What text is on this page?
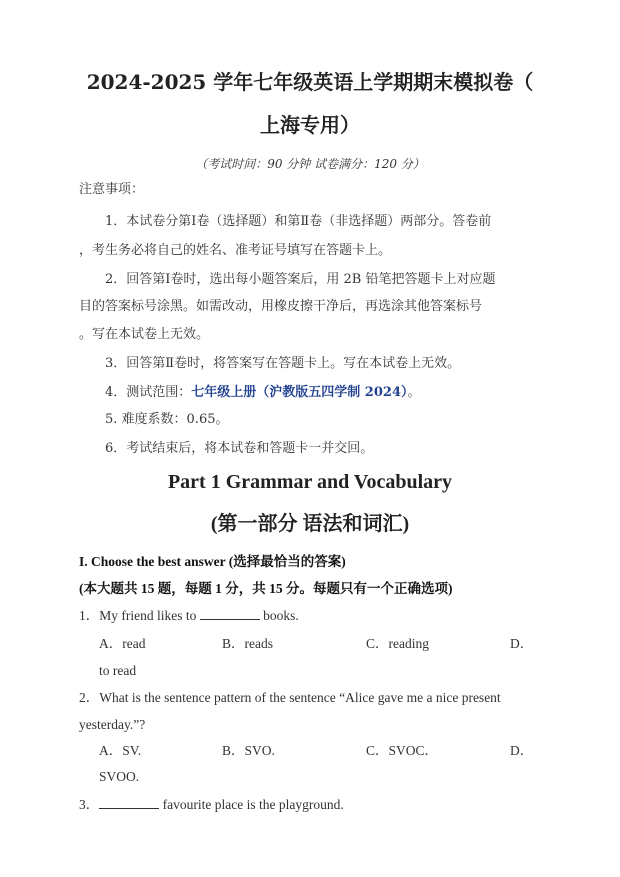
2024-2025 学年七年级英语上学期期末模拟卷（
上海专用）
（考试时间：90 分钟 试卷满分：120 分）
注意事项：
1．本试卷分第Ⅰ卷（选择题）和第Ⅱ卷（非选择题）两部分。答卷前
，考生务必将自己的姓名、准考证号填写在答题卡上。
2．回答第Ⅰ卷时，选出每小题答案后，用 2B 铅笔把答题卡上对应题
目的答案标号涂黑。如需改动，用橡皮擦干净后，再选涂其他答案标号
。写在本试卷上无效。
3．回答第Ⅱ卷时，将答案写在答题卡上。写在本试卷上无效。
4．测试范围：七年级上册（沪教版五四学制 2024）。
5. 难度系数：0.65。
6．考试结束后，将本试卷和答题卡一并交回。
Part 1 Grammar and Vocabulary
(第一部分 语法和词汇)
I. Choose the best answer (选择最恰当的答案)
(本大题共 15 题，每题 1 分，共 15 分。每题只有一个正确选项)
1．My friend likes to	books.
A．read	B．reads	C．reading	D．
to read
2．What is the sentence pattern of the sentence “Alice gave me a nice present
yesterday.”?
A．SV.	B．SVO.	C．SVOC．	D．
SVOO.
3．	favourite place is the playground.
